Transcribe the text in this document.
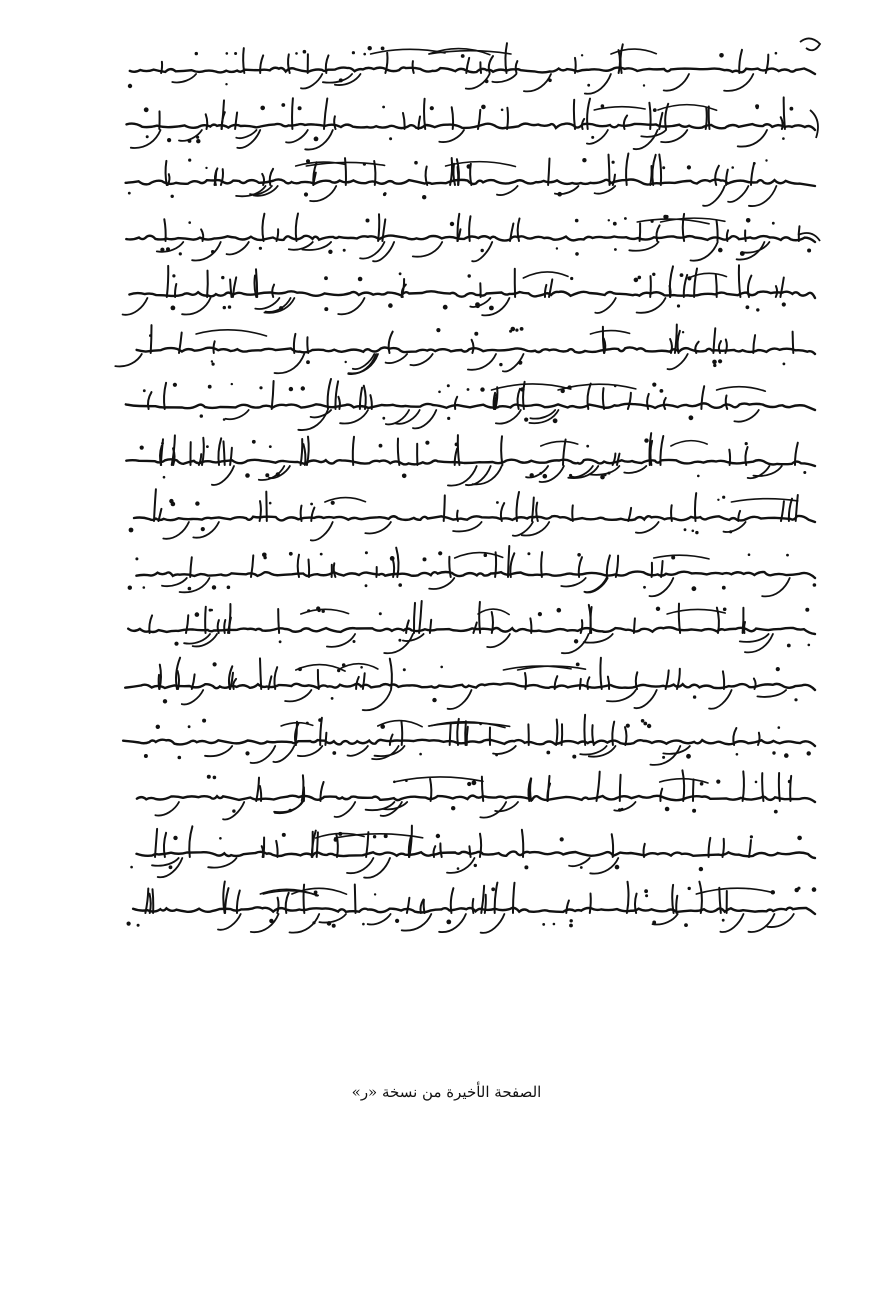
الصفحة الأخيرة من نسخة «ر»
